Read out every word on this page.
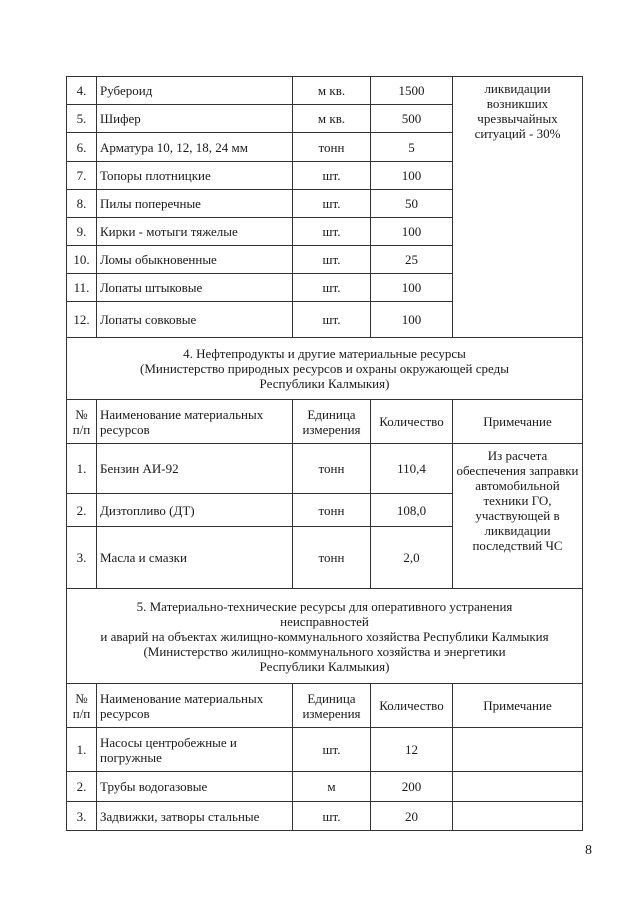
4.	Рубероид	м кв.	1500	ликвидации возникших чрезвычайных ситуаций - 30%
5.	Шифер	м кв.	500	
6.	Арматура 10, 12, 18, 24 мм	тонн	5	
7.	Топоры плотницкие	шт.	100	
8.	Пилы поперечные	шт.	50	
9.	Кирки - мотыги тяжелые	шт.	100	
10.	Ломы обыкновенные	шт.	25	
11.	Лопаты штыковые	шт.	100	
12.	Лопаты совковые	шт.	100	

4. Нефтепродукты и другие материальные ресурсы
(Министерство природных ресурсов и охраны окружающей среды
Республики Калмыкия)				

№ п/п	Наименование материальных ресурсов	Единица измерения	Количество	Примечание
1.	Бензин АИ-92	тонн	110,4	Из расчета обеспечения заправки автомобильной техники ГО, участвующей в ликвидации последствий ЧС
2.	Дизтопливо (ДТ)	тонн	108,0	
3.	Масла и смазки	тонн	2,0	

5. Материально-технические ресурсы для оперативного устранения
неисправностей
и аварий на объектах жилищно-коммунального хозяйства Республики Калмыкия
(Министерство жилищно-коммунального хозяйства и энергетики
Республики Калмыкия)				

№ п/п	Наименование материальных ресурсов	Единица измерения	Количество	Примечание
1.	Насосы центробежные и погружные	шт.	12	
2.	Трубы водогазовые	м	200	
3.	Задвижки, затворы стальные	шт.	20	
8
